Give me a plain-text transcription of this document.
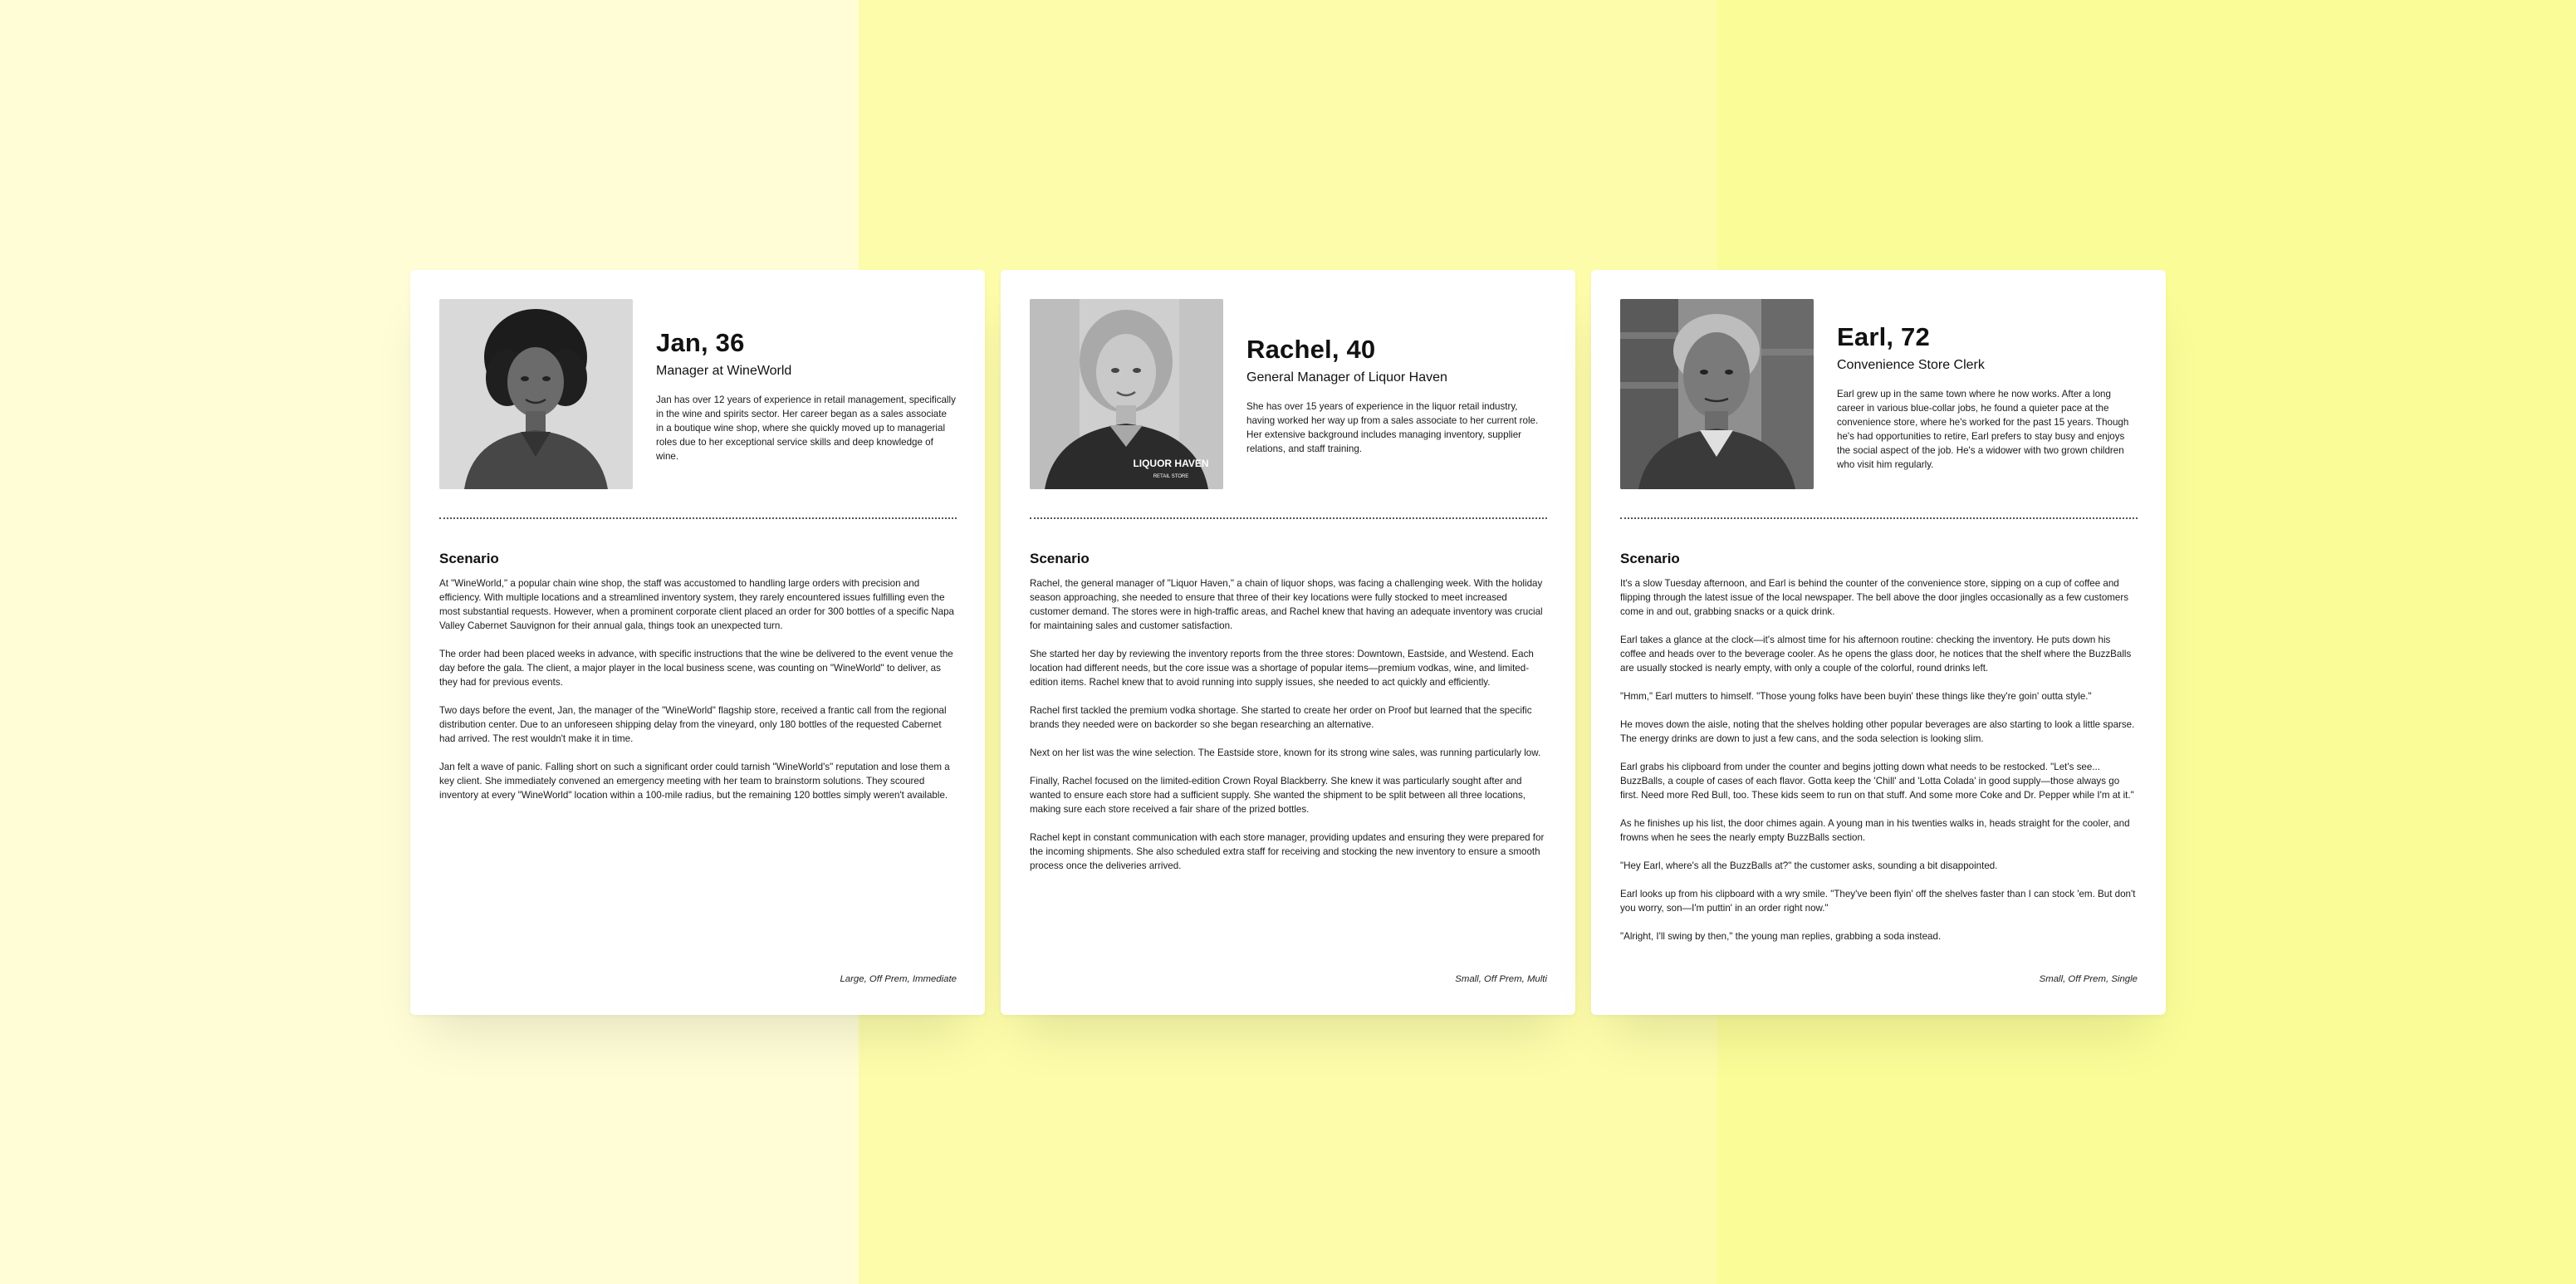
Jan, 36
Manager at WineWorld
Jan has over 12 years of experience in retail management, specifically in the wine and spirits sector. Her career began as a sales associate in a boutique wine shop, where she quickly moved up to managerial roles due to her exceptional service skills and deep knowledge of wine.
Scenario

At "WineWorld," a popular chain wine shop, the staff was accustomed to handling large orders with precision and efficiency. With multiple locations and a streamlined inventory system, they rarely encountered issues fulfilling even the most substantial requests. However, when a prominent corporate client placed an order for 300 bottles of a specific Napa Valley Cabernet Sauvignon for their annual gala, things took an unexpected turn.

The order had been placed weeks in advance, with specific instructions that the wine be delivered to the event venue the day before the gala. The client, a major player in the local business scene, was counting on "WineWorld" to deliver, as they had for previous events.

Two days before the event, Jan, the manager of the "WineWorld" flagship store, received a frantic call from the regional distribution center. Due to an unforeseen shipping delay from the vineyard, only 180 bottles of the requested Cabernet had arrived. The rest wouldn't make it in time.

Jan felt a wave of panic. Falling short on such a significant order could tarnish "WineWorld's" reputation and lose them a key client. She immediately convened an emergency meeting with her team to brainstorm solutions. They scoured inventory at every "WineWorld" location within a 100-mile radius, but the remaining 120 bottles simply weren't available.

Large, Off Prem, Immediate
LIQUOR HAVEN
RETAIL STORE
Rachel, 40
General Manager of Liquor Haven
She has over 15 years of experience in the liquor retail industry, having worked her way up from a sales associate to her current role. Her extensive background includes managing inventory, supplier relations, and staff training.
Scenario

Rachel, the general manager of "Liquor Haven," a chain of liquor shops, was facing a challenging week. With the holiday season approaching, she needed to ensure that three of their key locations were fully stocked to meet increased customer demand. The stores were in high-traffic areas, and Rachel knew that having an adequate inventory was crucial for maintaining sales and customer satisfaction.

She started her day by reviewing the inventory reports from the three stores: Downtown, Eastside, and Westend. Each location had different needs, but the core issue was a shortage of popular items—premium vodkas, wine, and limited-edition items. Rachel knew that to avoid running into supply issues, she needed to act quickly and efficiently.

Rachel first tackled the premium vodka shortage. She started to create her order on Proof but learned that the specific brands they needed were on backorder so she began researching an alternative.

Next on her list was the wine selection. The Eastside store, known for its strong wine sales, was running particularly low.

Finally, Rachel focused on the limited-edition Crown Royal Blackberry. She knew it was particularly sought after and wanted to ensure each store had a sufficient supply. She wanted the shipment to be split between all three locations, making sure each store received a fair share of the prized bottles.

Rachel kept in constant communication with each store manager, providing updates and ensuring they were prepared for the incoming shipments. She also scheduled extra staff for receiving and stocking the new inventory to ensure a smooth process once the deliveries arrived.

Small, Off Prem, Multi
Earl, 72
Convenience Store Clerk
Earl grew up in the same town where he now works. After a long career in various blue-collar jobs, he found a quieter pace at the convenience store, where he's worked for the past 15 years. Though he's had opportunities to retire, Earl prefers to stay busy and enjoys the social aspect of the job. He's a widower with two grown children who visit him regularly.
Scenario

It's a slow Tuesday afternoon, and Earl is behind the counter of the convenience store, sipping on a cup of coffee and flipping through the latest issue of the local newspaper. The bell above the door jingles occasionally as a few customers come in and out, grabbing snacks or a quick drink.

Earl takes a glance at the clock—it's almost time for his afternoon routine: checking the inventory. He puts down his coffee and heads over to the beverage cooler. As he opens the glass door, he notices that the shelf where the BuzzBalls are usually stocked is nearly empty, with only a couple of the colorful, round drinks left.

"Hmm," Earl mutters to himself. "Those young folks have been buyin' these things like they're goin' outta style."

He moves down the aisle, noting that the shelves holding other popular beverages are also starting to look a little sparse. The energy drinks are down to just a few cans, and the soda selection is looking slim.

Earl grabs his clipboard from under the counter and begins jotting down what needs to be restocked. "Let's see... BuzzBalls, a couple of cases of each flavor. Gotta keep the 'Chill' and 'Lotta Colada' in good supply—those always go first. Need more Red Bull, too. These kids seem to run on that stuff. And some more Coke and Dr. Pepper while I'm at it."

As he finishes up his list, the door chimes again. A young man in his twenties walks in, heads straight for the cooler, and frowns when he sees the nearly empty BuzzBalls section.

"Hey Earl, where's all the BuzzBalls at?" the customer asks, sounding a bit disappointed.

Earl looks up from his clipboard with a wry smile. "They've been flyin' off the shelves faster than I can stock 'em. But don't you worry, son—I'm puttin' in an order right now."

"Alright, I'll swing by then," the young man replies, grabbing a soda instead.

Small, Off Prem, Single
